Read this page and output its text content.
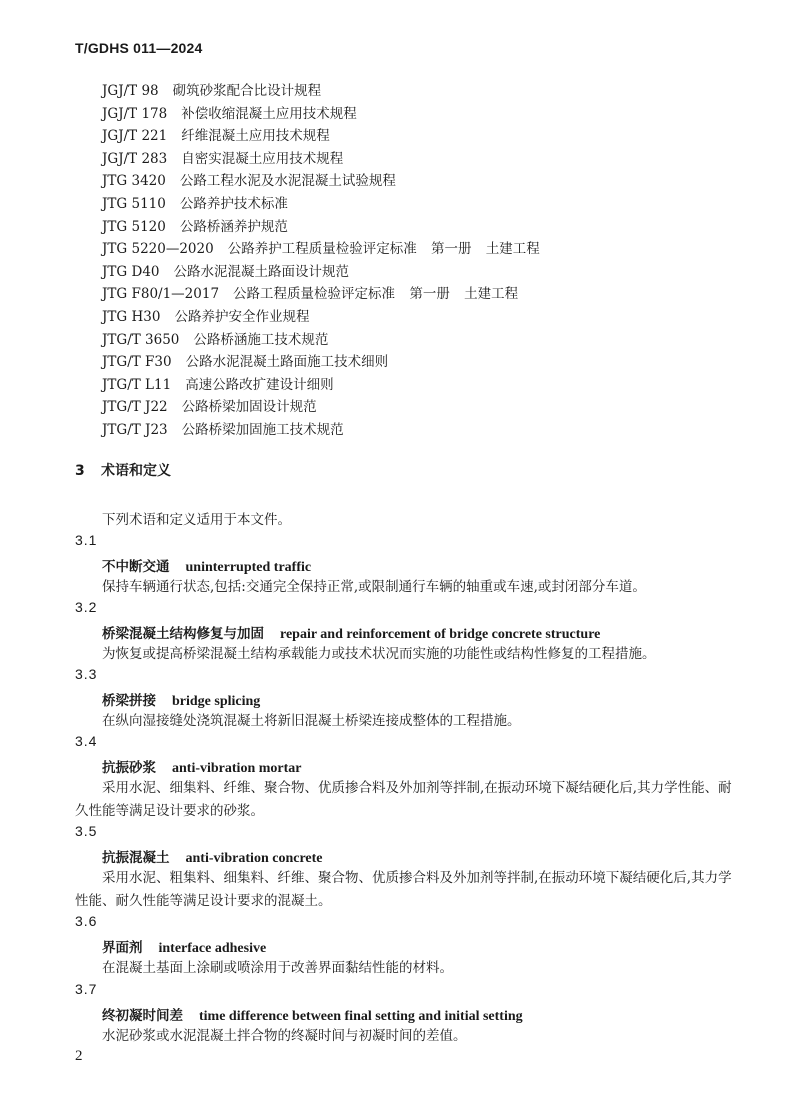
T/GDHS 011—2024
JGJ/T 98 砌筑砂浆配合比设计规程
JGJ/T 178 补偿收缩混凝土应用技术规程
JGJ/T 221 纤维混凝土应用技术规程
JGJ/T 283 自密实混凝土应用技术规程
JTG 3420 公路工程水泥及水泥混凝土试验规程
JTG 5110 公路养护技术标准
JTG 5120 公路桥涵养护规范
JTG 5220—2020 公路养护工程质量检验评定标准 第一册 土建工程
JTG D40 公路水泥混凝土路面设计规范
JTG F80/1—2017 公路工程质量检验评定标准 第一册 土建工程
JTG H30 公路养护安全作业规程
JTG/T 3650 公路桥涵施工技术规范
JTG/T F30 公路水泥混凝土路面施工技术细则
JTG/T L11 高速公路改扩建设计细则
JTG/T J22 公路桥梁加固设计规范
JTG/T J23 公路桥梁加固施工技术规范
3 术语和定义
下列术语和定义适用于本文件。
3.1
不中断交通 uninterrupted traffic
保持车辆通行状态,包括:交通完全保持正常,或限制通行车辆的轴重或车速,或封闭部分车道。
3.2
桥梁混凝土结构修复与加固 repair and reinforcement of bridge concrete structure
为恢复或提高桥梁混凝土结构承载能力或技术状况而实施的功能性或结构性修复的工程措施。
3.3
桥梁拼接 bridge splicing
在纵向湿接缝处浇筑混凝土将新旧混凝土桥梁连接成整体的工程措施。
3.4
抗振砂浆 anti-vibration mortar
采用水泥、细集料、纤维、聚合物、优质掺合料及外加剂等拌制,在振动环境下凝结硬化后,其力学性能、耐久性能等满足设计要求的砂浆。
3.5
抗振混凝土 anti-vibration concrete
采用水泥、粗集料、细集料、纤维、聚合物、优质掺合料及外加剂等拌制,在振动环境下凝结硬化后,其力学性能、耐久性能等满足设计要求的混凝土。
3.6
界面剂 interface adhesive
在混凝土基面上涂刷或喷涂用于改善界面黏结性能的材料。
3.7
终初凝时间差 time difference between final setting and initial setting
水泥砂浆或水泥混凝土拌合物的终凝时间与初凝时间的差值。
2
